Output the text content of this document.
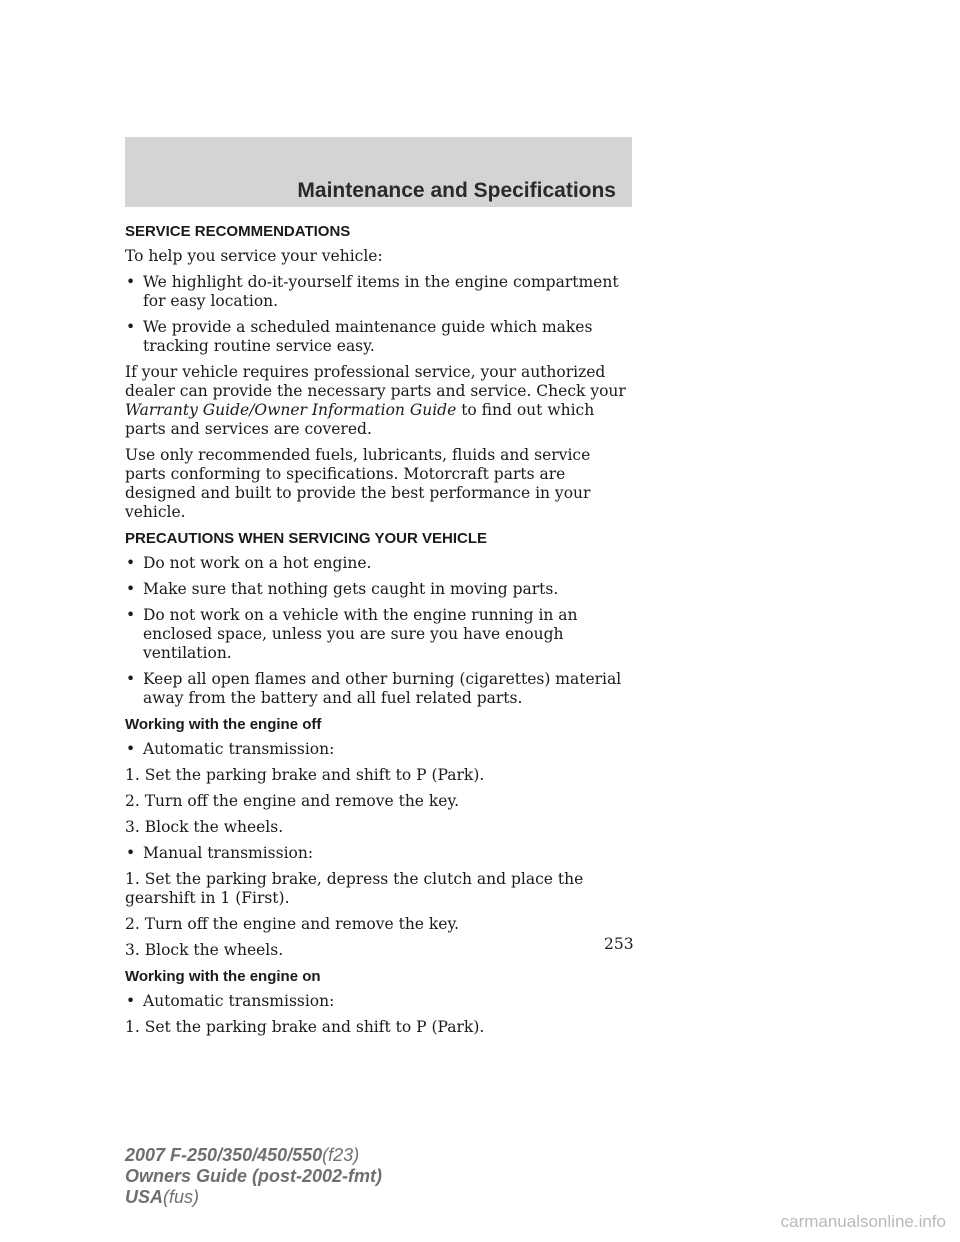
Maintenance and Specifications
SERVICE RECOMMENDATIONS
To help you service your vehicle:
• We highlight do-it-yourself items in the engine compartment for easy location.
• We provide a scheduled maintenance guide which makes tracking routine service easy.
If your vehicle requires professional service, your authorized dealer can provide the necessary parts and service. Check your Warranty Guide/Owner Information Guide to find out which parts and services are covered.
Use only recommended fuels, lubricants, fluids and service parts conforming to specifications. Motorcraft parts are designed and built to provide the best performance in your vehicle.
PRECAUTIONS WHEN SERVICING YOUR VEHICLE
• Do not work on a hot engine.
• Make sure that nothing gets caught in moving parts.
• Do not work on a vehicle with the engine running in an enclosed space, unless you are sure you have enough ventilation.
• Keep all open flames and other burning (cigarettes) material away from the battery and all fuel related parts.
Working with the engine off
• Automatic transmission:
1. Set the parking brake and shift to P (Park).
2. Turn off the engine and remove the key.
3. Block the wheels.
• Manual transmission:
1. Set the parking brake, depress the clutch and place the gearshift in 1 (First).
2. Turn off the engine and remove the key.
3. Block the wheels.
Working with the engine on
• Automatic transmission:
1. Set the parking brake and shift to P (Park).
253
2007 F-250/350/450/550(f23)
Owners Guide (post-2002-fmt)
USA(fus)
carmanualsonline.info
